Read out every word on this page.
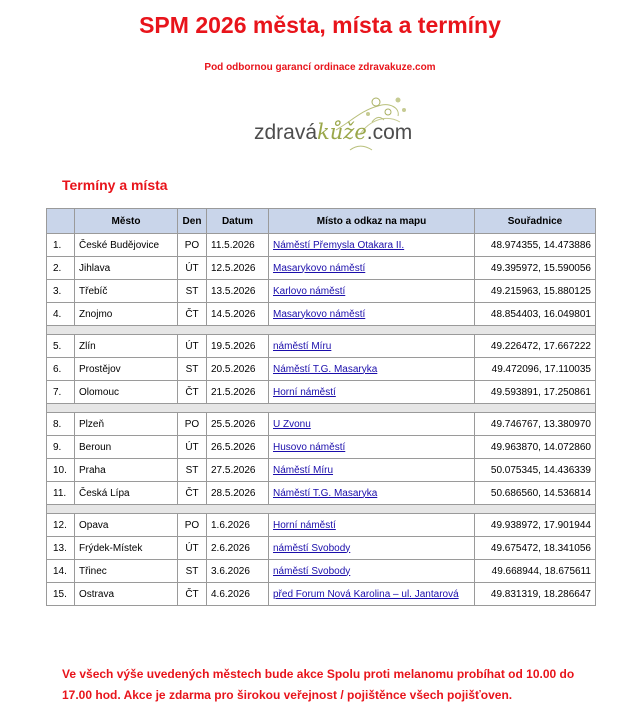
SPM 2026 města, místa a termíny
Pod odbornou garancí ordinace zdravakuze.com
zdravákůže.com
Termíny a místa
	Město	Den	Datum	Místo a odkaz na mapu	Souřadnice
1.	České Budějovice	PO	11.5.2026	Náměstí Přemysla Otakara II.	48.974355, 14.473886
2.	Jihlava	ÚT	12.5.2026	Masarykovo náměstí	49.395972, 15.590056
3.	Třebíč	ST	13.5.2026	Karlovo náměstí	49.215963, 15.880125
4.	Znojmo	ČT	14.5.2026	Masarykovo náměstí	48.854403, 16.049801

5.	Zlín	ÚT	19.5.2026	náměstí Míru	49.226472, 17.667222
6.	Prostějov	ST	20.5.2026	Náměstí T.G. Masaryka	49.472096, 17.110035
7.	Olomouc	ČT	21.5.2026	Horní náměstí	49.593891, 17.250861

8.	Plzeň	PO	25.5.2026	U Zvonu	49.746767, 13.380970
9.	Beroun	ÚT	26.5.2026	Husovo náměstí	49.963870, 14.072860
10.	Praha	ST	27.5.2026	Náměstí Míru	50.075345, 14.436339
11.	Česká Lípa	ČT	28.5.2026	Náměstí T.G. Masaryka	50.686560, 14.536814

12.	Opava	PO	1.6.2026	Horní náměstí	49.938972, 17.901944
13.	Frýdek-Místek	ÚT	2.6.2026	náměstí Svobody	49.675472, 18.341056
14.	Třinec	ST	3.6.2026	náměstí Svobody	49.668944, 18.675611
15.	Ostrava	ČT	4.6.2026	před Forum Nová Karolina – ul. Jantarová	49.831319, 18.286647
Ve všech výše uvedených městech bude akce Spolu proti melanomu probíhat od 10.00 do
17.00 hod. Akce je zdarma pro širokou veřejnost / pojištěnce všech pojišťoven.
